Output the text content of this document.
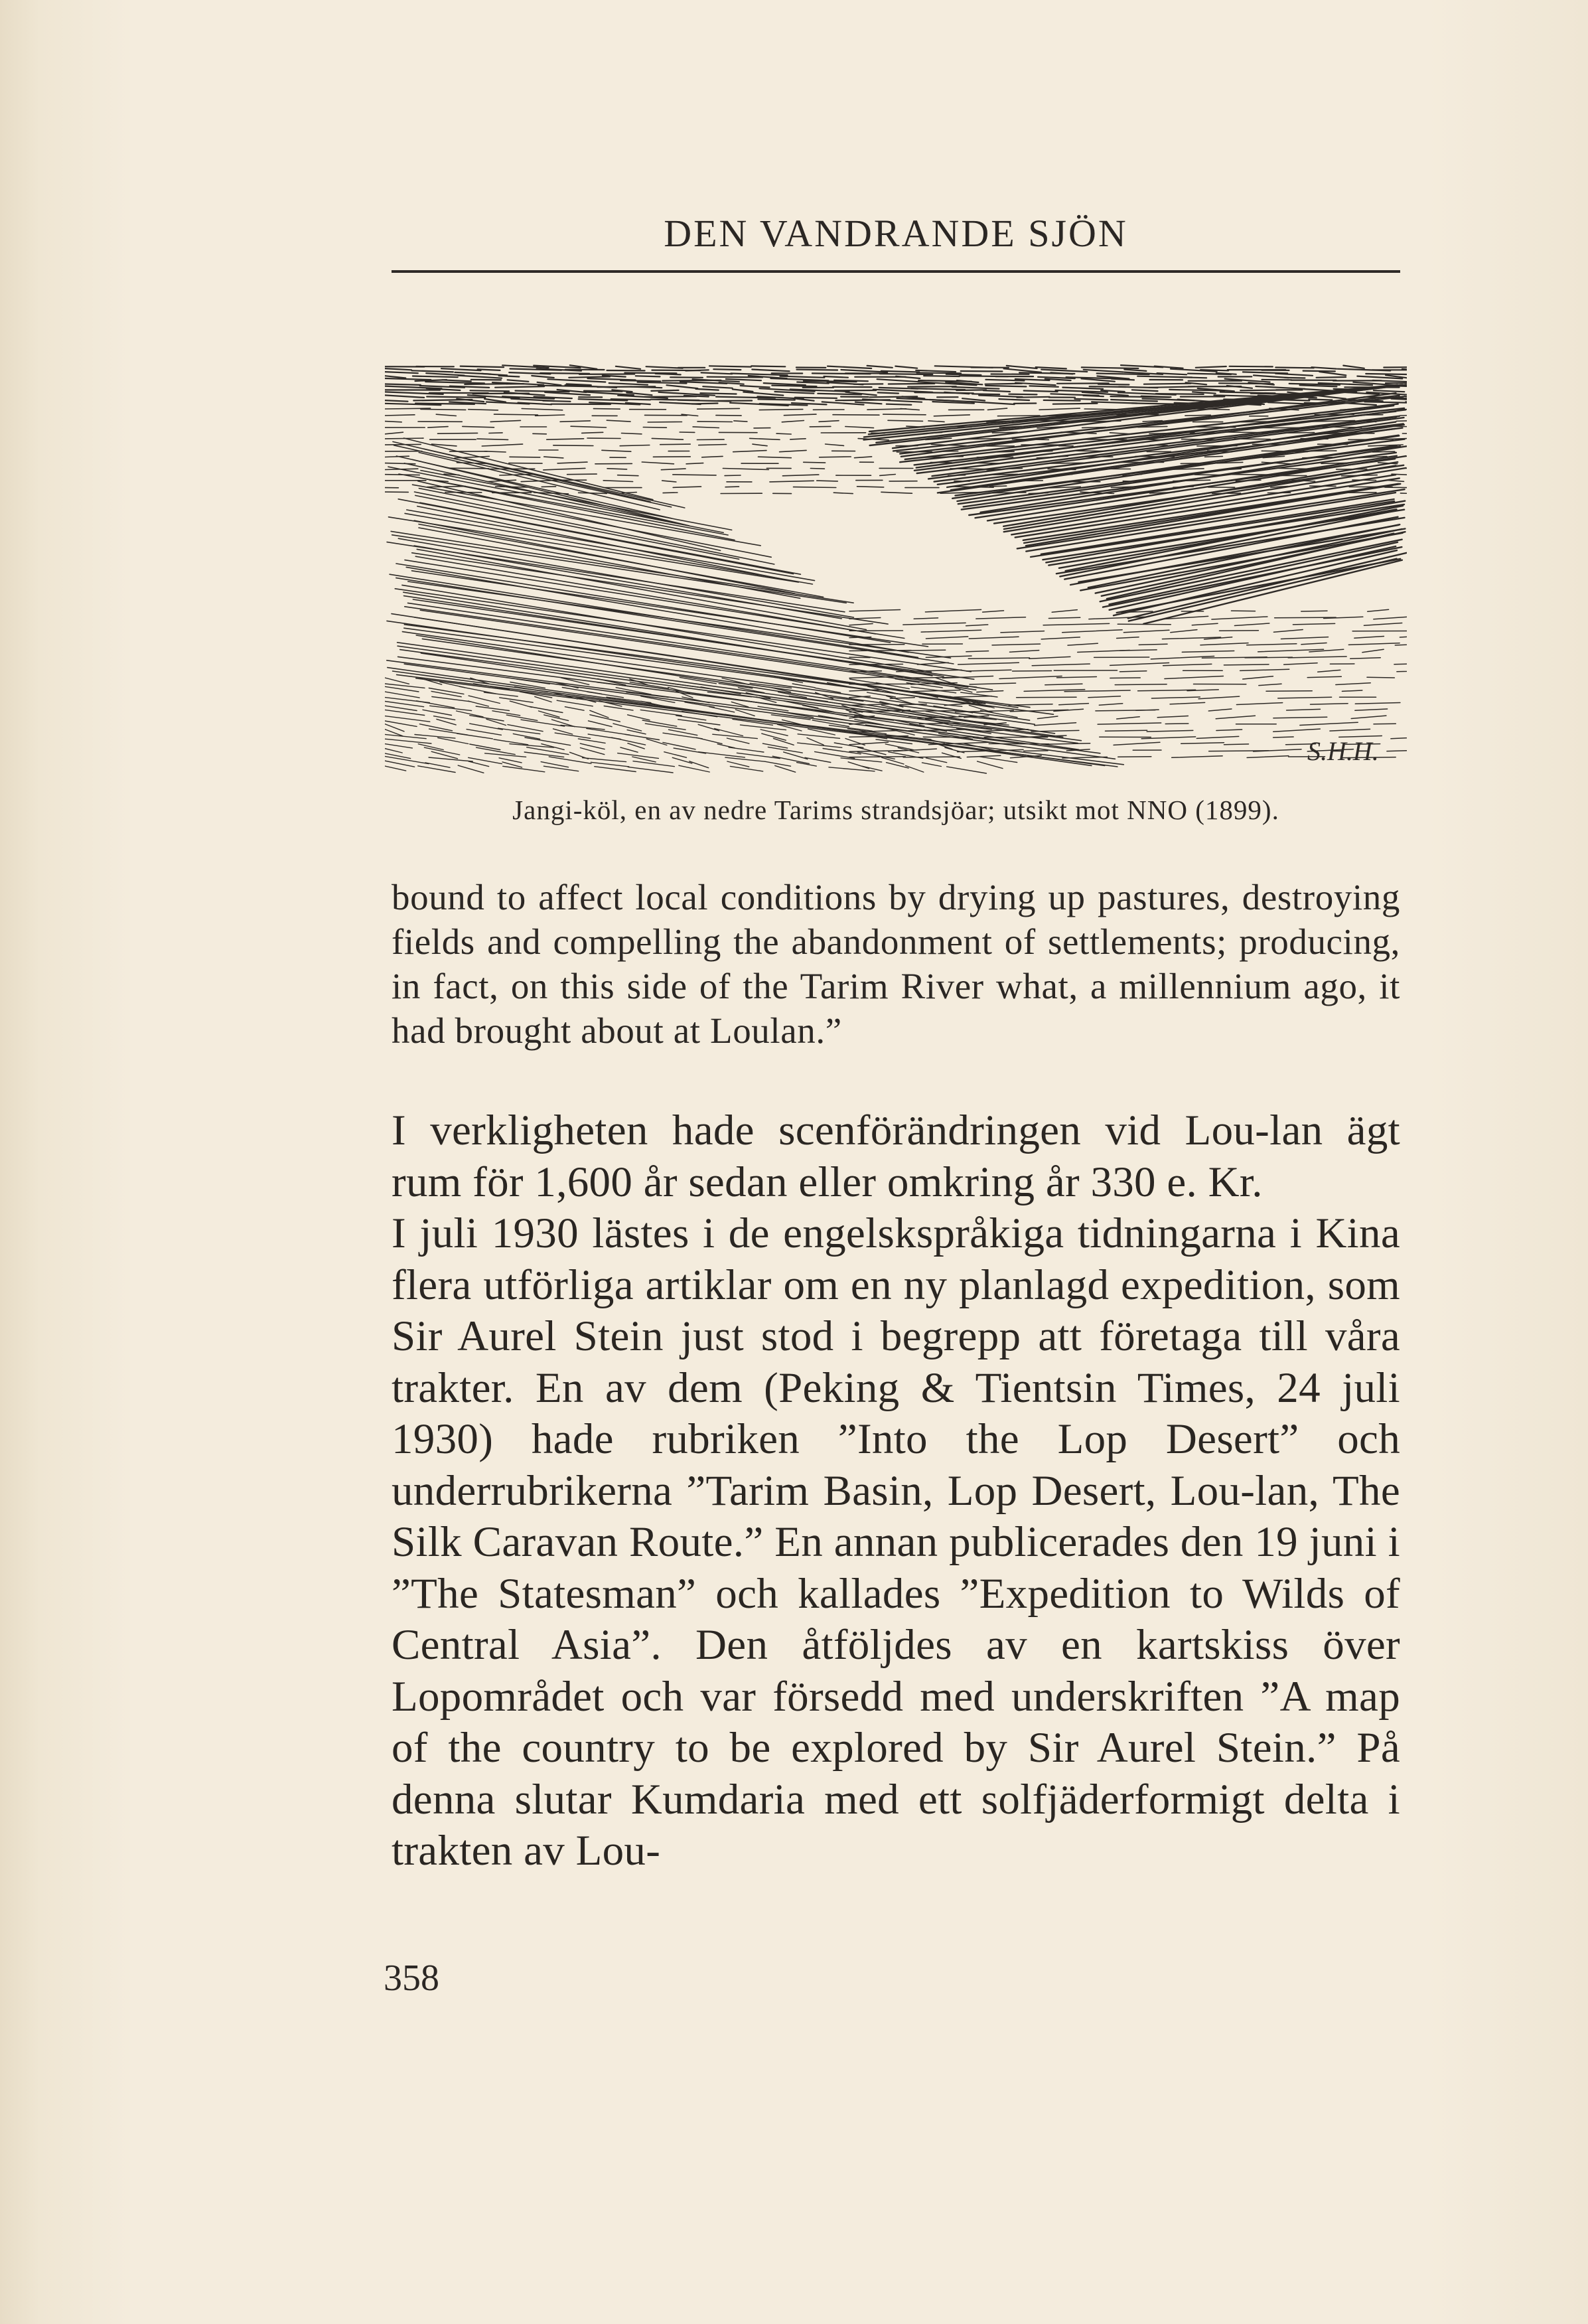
DEN VANDRANDE SJÖN
S.H.H.
Jangi-köl, en av nedre Tarims strandsjöar; utsikt mot NNO (1899).

bound to affect local conditions by drying up pastures, destroying fields and compelling the abandonment of settlements; producing, in fact, on this side of the Tarim River what, a millennium ago, it had brought about at Loulan.”

I verkligheten hade scenförändringen vid Lou-lan ägt rum för 1,600 år sedan eller omkring år 330 e. Kr.
I juli 1930 lästes i de engelskspråkiga tidningarna i Kina flera utförliga artiklar om en ny planlagd expedition, som Sir Aurel Stein just stod i begrepp att företaga till våra trakter. En av dem (Peking & Tientsin Times, 24 juli 1930) hade rubriken ”Into the Lop Desert” och underrubrikerna ”Tarim Basin, Lop Desert, Lou-lan, The Silk Caravan Route.” En annan publicerades den 19 juni i ”The Statesman” och kallades ”Expedition to Wilds of Central Asia”. Den åtföljdes av en kartskiss över Lopområdet och var försedd med underskriften ”A map of the country to be explored by Sir Aurel Stein.” På denna slutar Kumdaria med ett solfjäderformigt delta i trakten av Lou-
358
